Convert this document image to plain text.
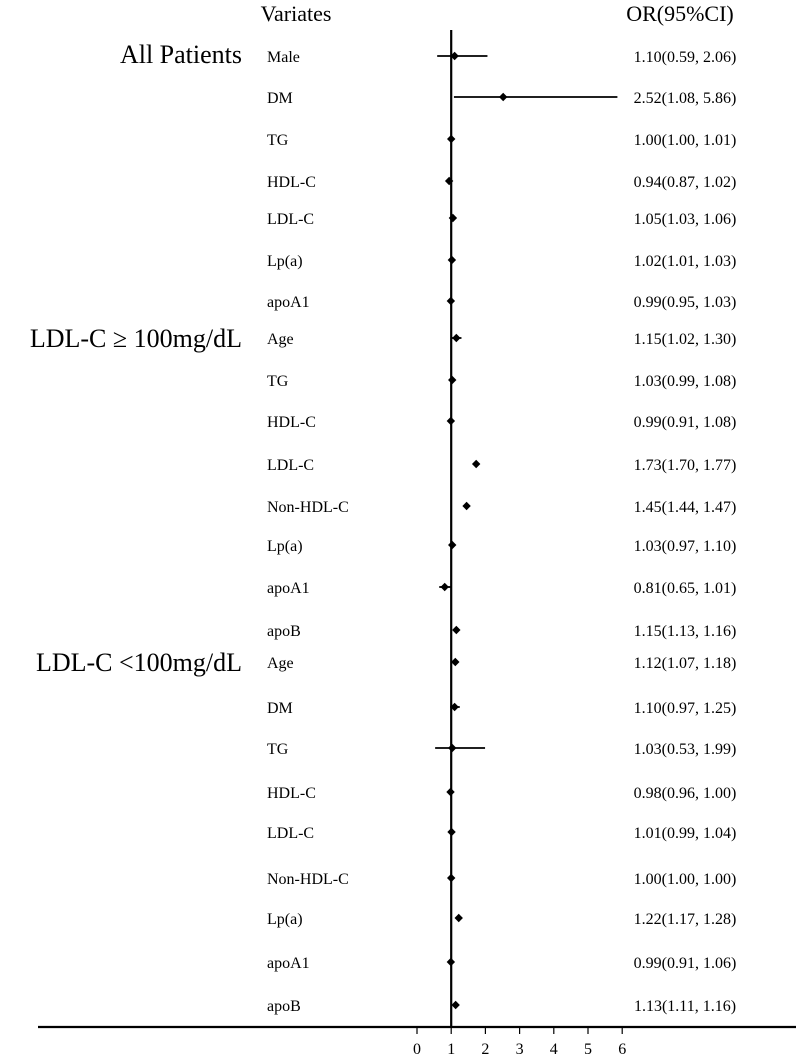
Variates	OR(95%CI)
0 1 2 3 4 5 6
All Patients Male	1.10(0.59, 2.06)
DM	2.52(1.08, 5.86)
TG	1.00(1.00, 1.01)
HDL-C	0.94(0.87, 1.02)
LDL-C	1.05(1.03, 1.06)
Lp(a)	1.02(1.01, 1.03)
apoA1	0.99(0.95, 1.03)
LDL-C ≥ 100mg/dL Age	1.15(1.02, 1.30)
TG	1.03(0.99, 1.08)
HDL-C	0.99(0.91, 1.08)
LDL-C	1.73(1.70, 1.77)
Non-HDL-C	1.45(1.44, 1.47)
Lp(a)	1.03(0.97, 1.10)
apoA1	0.81(0.65, 1.01)
apoB	1.15(1.13, 1.16)
LDL-C <100mg/dL Age	1.12(1.07, 1.18)
DM	1.10(0.97, 1.25)
TG	1.03(0.53, 1.99)
HDL-C	0.98(0.96, 1.00)
LDL-C	1.01(0.99, 1.04)
Non-HDL-C	1.00(1.00, 1.00)
Lp(a)	1.22(1.17, 1.28)
apoA1	0.99(0.91, 1.06)
apoB	1.13(1.11, 1.16)
